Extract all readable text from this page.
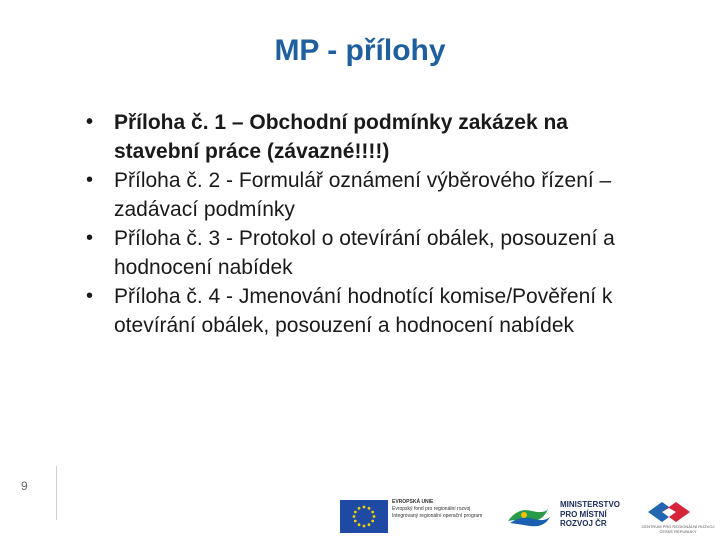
MP - přílohy
• Příloha č. 1 – Obchodní podmínky zakázek na
stavební práce (závazné!!!!)
• Příloha č. 2 - Formulář oznámení výběrového řízení –
zadávací podmínky
• Příloha č. 3 - Protokol o otevírání obálek, posouzení a
hodnocení nabídek
• Příloha č. 4 - Jmenování hodnotící komise/Pověření k
otevírání obálek, posouzení a hodnocení nabídek
9
EVROPSKÁ UNIE
Evropský fond pro regionální rozvoj
Integrovaný regionální operační program
MINISTERSTVO
PRO MÍSTNÍ
ROZVOJ ČR	CENTRUM PRO REGIONÁLNÍ ROZVOJ
ČESKÉ REPUBLIKY
